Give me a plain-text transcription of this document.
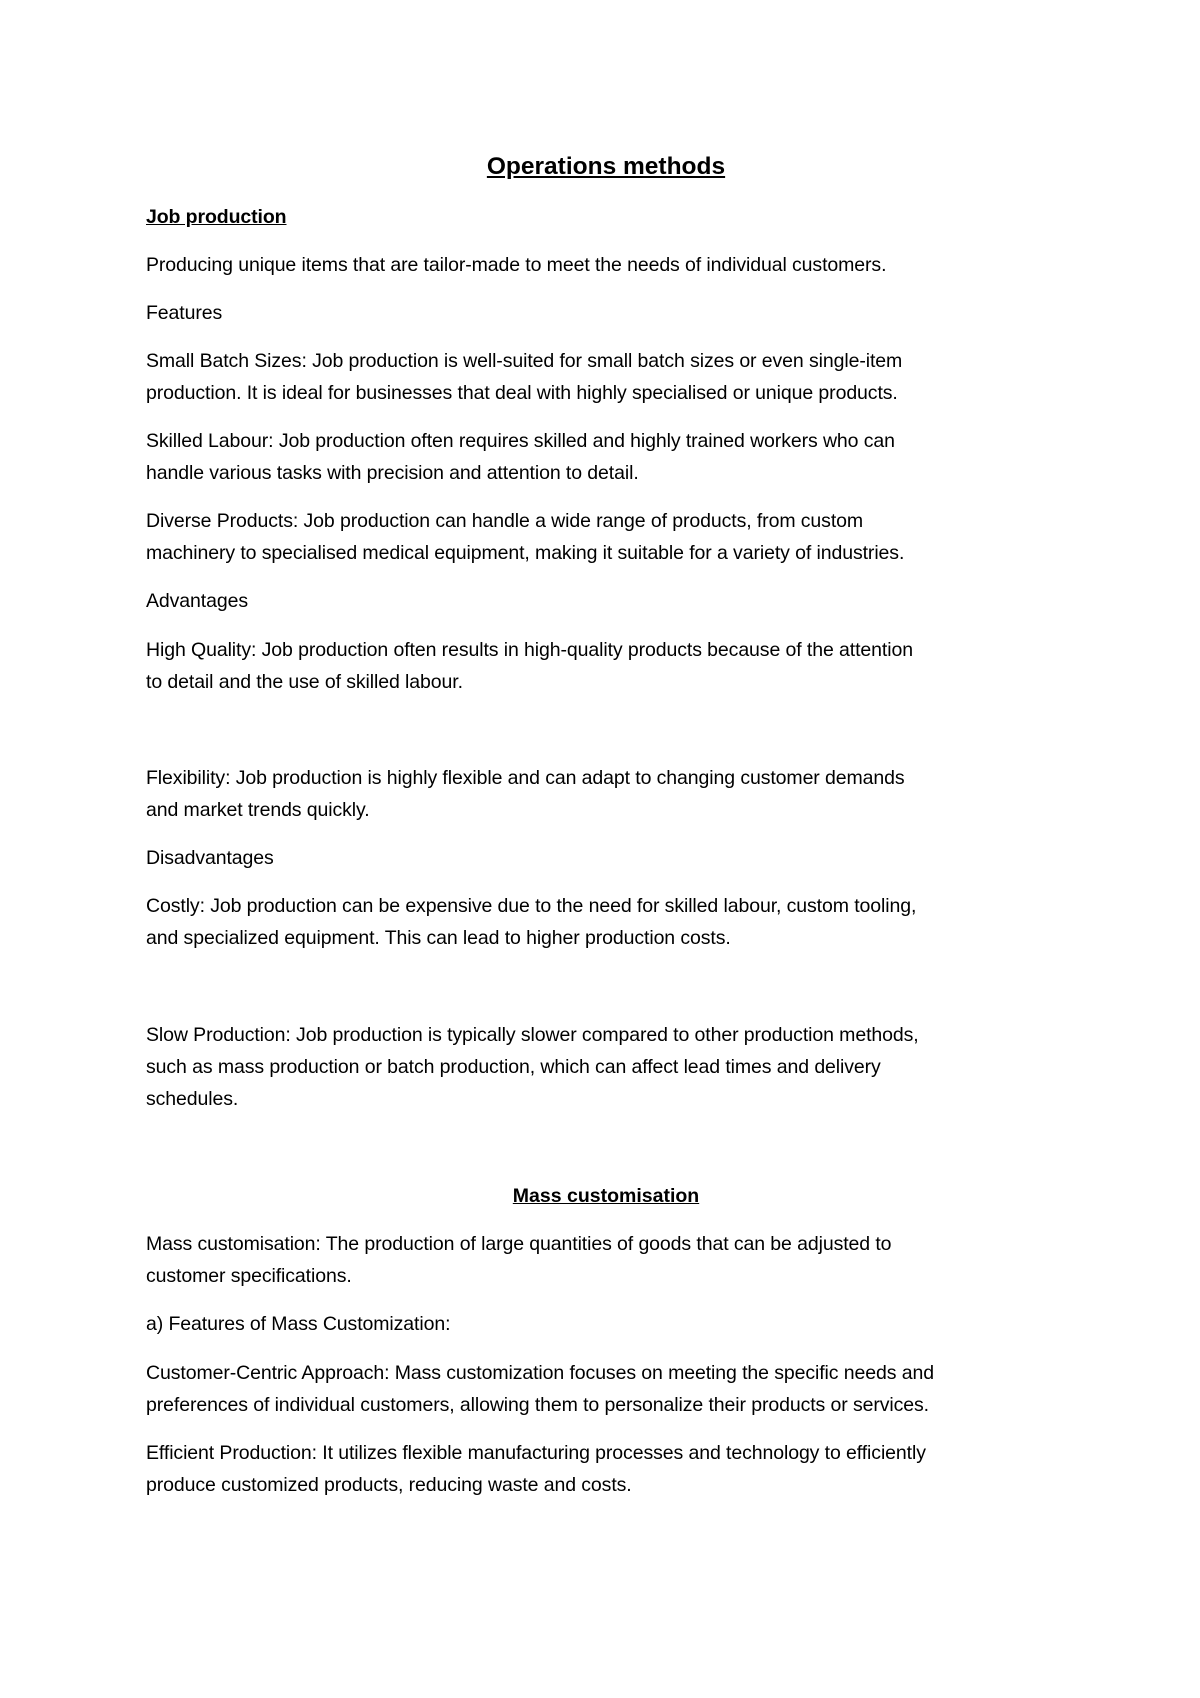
Operations methods
Job production
Producing unique items that are tailor-made to meet the needs of individual customers.
Features
Small Batch Sizes: Job production is well-suited for small batch sizes or even single-item
production. It is ideal for businesses that deal with highly specialised or unique products.
Skilled Labour: Job production often requires skilled and highly trained workers who can
handle various tasks with precision and attention to detail.
Diverse Products: Job production can handle a wide range of products, from custom
machinery to specialised medical equipment, making it suitable for a variety of industries.
Advantages
High Quality: Job production often results in high-quality products because of the attention
to detail and the use of skilled labour.
Flexibility: Job production is highly flexible and can adapt to changing customer demands
and market trends quickly.
Disadvantages
Costly: Job production can be expensive due to the need for skilled labour, custom tooling,
and specialized equipment. This can lead to higher production costs.
Slow Production: Job production is typically slower compared to other production methods,
such as mass production or batch production, which can affect lead times and delivery
schedules.
Mass customisation
Mass customisation: The production of large quantities of goods that can be adjusted to
customer specifications.
a) Features of Mass Customization:
Customer-Centric Approach: Mass customization focuses on meeting the specific needs and
preferences of individual customers, allowing them to personalize their products or services.
Efficient Production: It utilizes flexible manufacturing processes and technology to efficiently
produce customized products, reducing waste and costs.
